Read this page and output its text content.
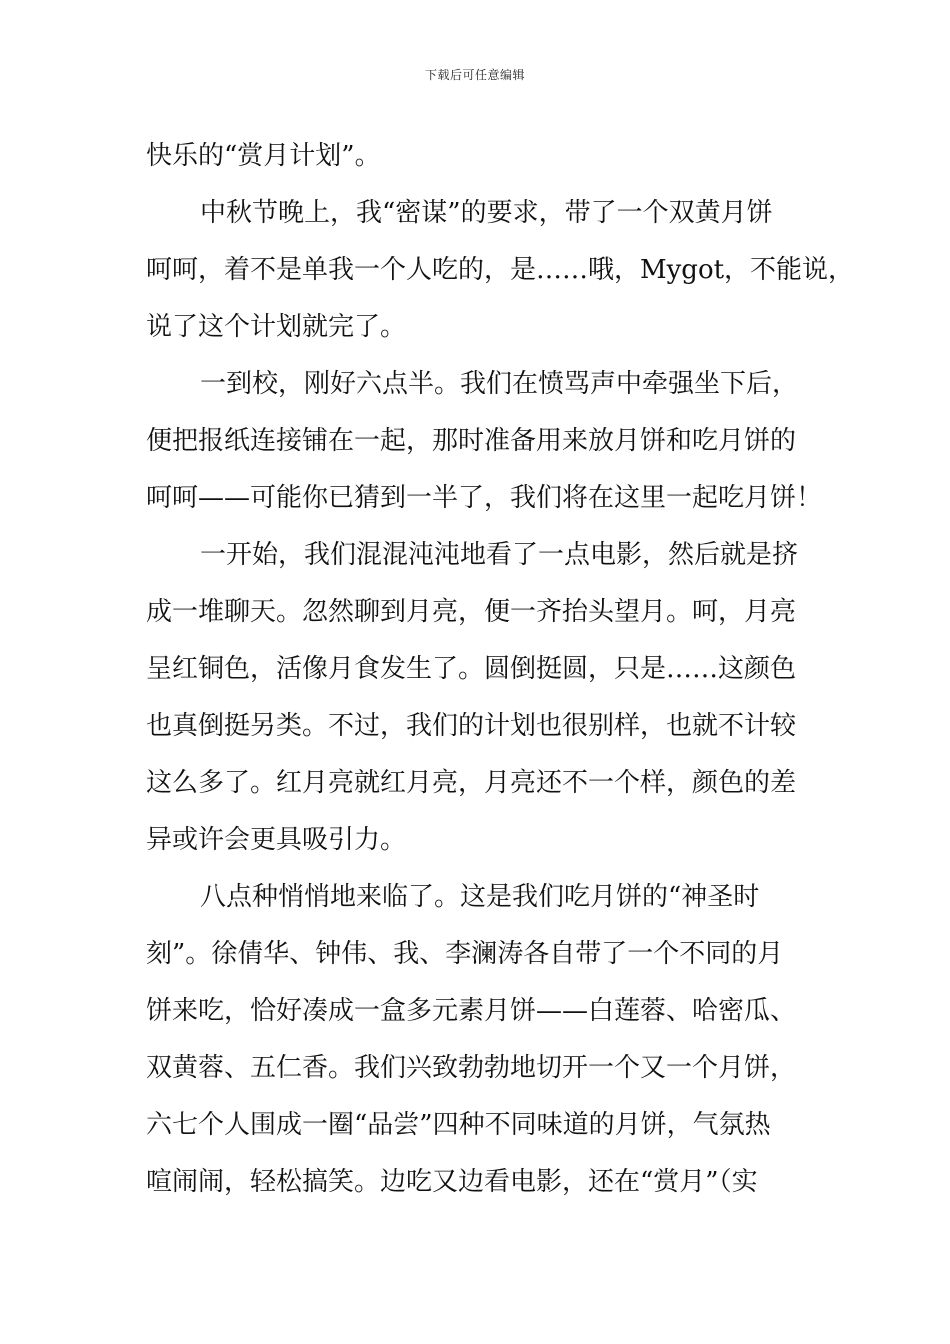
下载后可任意编辑
快乐的“赏月计划”。
中秋节晚上，我“密谋”的要求，带了一个双黄月饼
呵呵，着不是单我一个人吃的，是……哦，Mygot，不能说，
说了这个计划就完了。
一到校，刚好六点半。我们在愤骂声中牵强坐下后，
便把报纸连接铺在一起，那时准备用来放月饼和吃月饼的
呵呵——可能你已猜到一半了，我们将在这里一起吃月饼！
一开始，我们混混沌沌地看了一点电影，然后就是挤
成一堆聊天。忽然聊到月亮，便一齐抬头望月。呵，月亮
呈红铜色，活像月食发生了。圆倒挺圆，只是……这颜色
也真倒挺另类。不过，我们的计划也很别样，也就不计较
这么多了。红月亮就红月亮，月亮还不一个样，颜色的差
异或许会更具吸引力。
八点种悄悄地来临了。这是我们吃月饼的“神圣时
刻”。徐倩华、钟伟、我、李澜涛各自带了一个不同的月
饼来吃，恰好凑成一盒多元素月饼——白莲蓉、哈密瓜、
双黄蓉、五仁香。我们兴致勃勃地切开一个又一个月饼，
六七个人围成一圈“品尝”四种不同味道的月饼，气氛热
喧闹闹，轻松搞笑。边吃又边看电影，还在“赏月”（实
